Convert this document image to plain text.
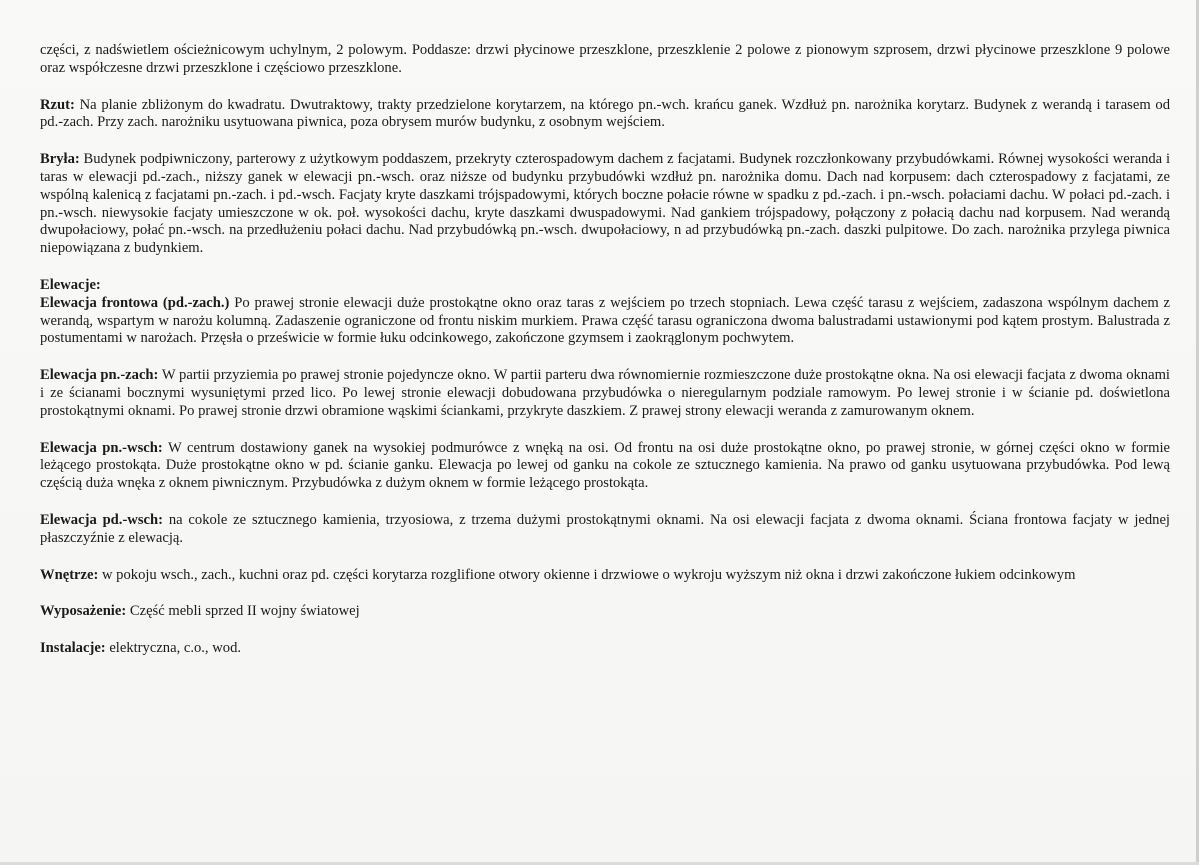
części, z nadświetlem ościeżnicowym uchylnym, 2 polowym. Poddasze: drzwi płycinowe przeszklone, przeszklenie 2 polowe z pionowym szprosem, drzwi płycinowe przeszklone 9 polowe oraz współczesne drzwi przeszklone i częściowo przeszklone.

Rzut: Na planie zbliżonym do kwadratu. Dwutraktowy, trakty przedzielone korytarzem, na którego pn.-wch. krańcu ganek. Wzdłuż pn. narożnika korytarz. Budynek z werandą i tarasem od pd.-zach. Przy zach. narożniku usytuowana piwnica, poza obrysem murów budynku, z osobnym wejściem.

Bryła: Budynek podpiwniczony, parterowy z użytkowym poddaszem, przekryty czterospadowym dachem z facjatami. Budynek rozczłonkowany przybudówkami. Równej wysokości weranda i taras w elewacji pd.-zach., niższy ganek w elewacji pn.-wsch. oraz niższe od budynku przybudówki wzdłuż pn. narożnika domu. Dach nad korpusem: dach czterospadowy z facjatami, ze wspólną kalenicą z facjatami pn.-zach. i pd.-wsch. Facjaty kryte daszkami trójspadowymi, których boczne połacie równe w spadku z pd.-zach. i pn.-wsch. połaciami dachu. W połaci pd.-zach. i pn.-wsch. niewysokie facjaty umieszczone w ok. poł. wysokości dachu, kryte daszkami dwuspadowymi. Nad gankiem trójspadowy, połączony z połacią dachu nad korpusem. Nad werandą dwupołaciowy, połać pn.-wsch. na przedłużeniu połaci dachu. Nad przybudówką pn.-wsch. dwupołaciowy, n ad przybudówką pn.-zach. daszki pulpitowe. Do zach. narożnika przylega piwnica niepowiązana z budynkiem.

Elewacje:

Elewacja frontowa (pd.-zach.) Po prawej stronie elewacji duże prostokątne okno oraz taras z wejściem po trzech stopniach. Lewa część tarasu z wejściem, zadaszona wspólnym dachem z werandą, wspartym w narożu kolumną. Zadaszenie ograniczone od frontu niskim murkiem. Prawa część tarasu ograniczona dwoma balustradami ustawionymi pod kątem prostym. Balustrada z postumentami w narożach. Przęsła o prześwicie w formie łuku odcinkowego, zakończone gzymsem i zaokrąglonym pochwytem.

Elewacja pn.-zach: W partii przyziemia po prawej stronie pojedyncze okno. W partii parteru dwa równomiernie rozmieszczone duże prostokątne okna. Na osi elewacji facjata z dwoma oknami i ze ścianami bocznymi wysuniętymi przed lico. Po lewej stronie elewacji dobudowana przybudówka o nieregularnym podziale ramowym. Po lewej stronie i w ścianie pd. doświetlona prostokątnymi oknami. Po prawej stronie drzwi obramione wąskimi ściankami, przykryte daszkiem. Z prawej strony elewacji weranda z zamurowanym oknem.

Elewacja pn.-wsch: W centrum dostawiony ganek na wysokiej podmurówce z wnęką na osi. Od frontu na osi duże prostokątne okno, po prawej stronie, w górnej części okno w formie leżącego prostokąta. Duże prostokątne okno w pd. ścianie ganku. Elewacja po lewej od ganku na cokole ze sztucznego kamienia. Na prawo od ganku usytuowana przybudówka. Pod lewą częścią duża wnęka z oknem piwnicznym. Przybudówka z dużym oknem w formie leżącego prostokąta.

Elewacja pd.-wsch: na cokole ze sztucznego kamienia, trzyosiowa, z trzema dużymi prostokątnymi oknami. Na osi elewacji facjata z dwoma oknami. Ściana frontowa facjaty w jednej płaszczyźnie z elewacją.

Wnętrze: w pokoju wsch., zach., kuchni oraz pd. części korytarza rozglifione otwory okienne i drzwiowe o wykroju wyższym niż okna i drzwi zakończone łukiem odcinkowym

Wyposażenie: Część mebli sprzed II wojny światowej

Instalacje: elektryczna, c.o., wod.
